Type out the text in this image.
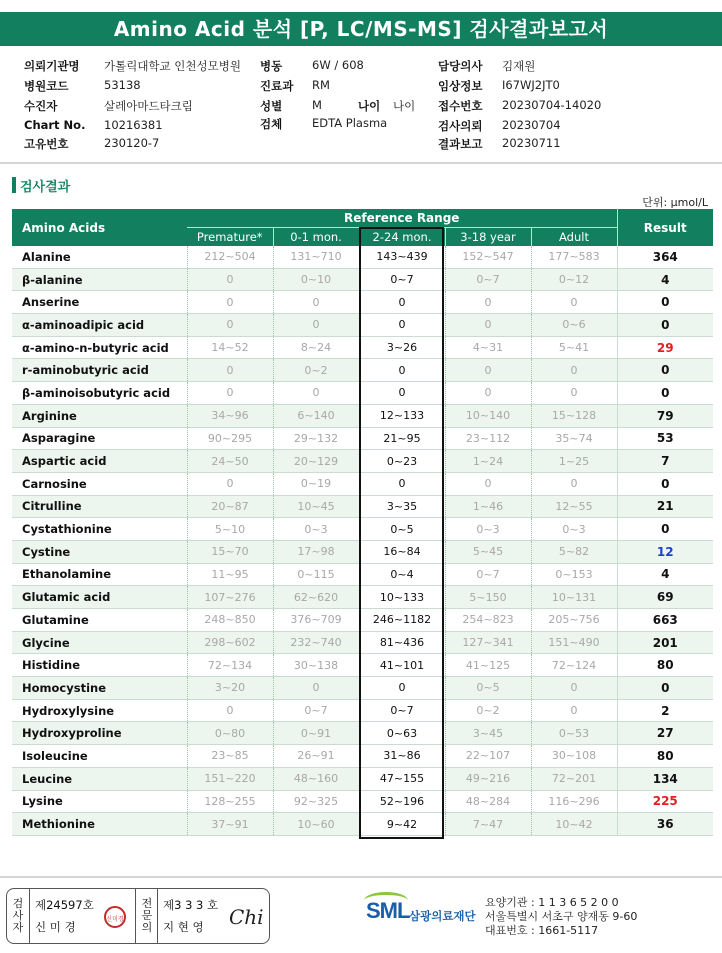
Amino Acid 분석 [P, LC/MS-MS] 검사결과보고서
의뢰기관명 가톨릭대학교 인천성모병원
병원코드	53138
수진자	살레아마드타크림
Chart No. 10216381
고유번호	230120-7
병동	6W / 608
진료과 RM
성별	M	나이 나이
검체	EDTA Plasma
담당의사 김재원
임상정보 I67WJ2JT0
접수번호 20230704-14020
검사의뢰 20230704
결과보고 20230711
검사결과
단위: μmol/L
Amino Acids	Reference Range					Result
	Premature*	0-1 mon.	2-24 mon.	3-18 year	Adult	
Alanine	212~504	131~710	143~439	152~547	177~583	364
β-alanine	0	0~10	0~7	0~7	0~12	4
Anserine	0	0	0	0	0	0
α-aminoadipic acid	0	0	0	0	0~6	0
α-amino-n-butyric acid	14~52	8~24	3~26	4~31	5~41	29
r-aminobutyric acid	0	0~2	0	0	0	0
β-aminoisobutyric acid	0	0	0	0	0	0
Arginine	34~96	6~140	12~133	10~140	15~128	79
Asparagine	90~295	29~132	21~95	23~112	35~74	53
Aspartic acid	24~50	20~129	0~23	1~24	1~25	7
Carnosine	0	0~19	0	0	0	0
Citrulline	20~87	10~45	3~35	1~46	12~55	21
Cystathionine	5~10	0~3	0~5	0~3	0~3	0
Cystine	15~70	17~98	16~84	5~45	5~82	12
Ethanolamine	11~95	0~115	0~4	0~7	0~153	4
Glutamic acid	107~276	62~620	10~133	5~150	10~131	69
Glutamine	248~850	376~709	246~1182	254~823	205~756	663
Glycine	298~602	232~740	81~436	127~341	151~490	201
Histidine	72~134	30~138	41~101	41~125	72~124	80
Homocystine	3~20	0	0	0~5	0	0
Hydroxylysine	0	0~7	0~7	0~2	0	2
Hydroxyproline	0~80	0~91	0~63	3~45	0~53	27
Isoleucine	23~85	26~91	31~86	22~107	30~108	80
Leucine	151~220	48~160	47~155	49~216	72~201	134
Lysine	128~255	92~325	52~196	48~284	116~296	225
Methionine	37~91	10~60	9~42	7~47	10~42	36
검사자
제24597호
신 미 경
신미경
전문의
제3 3 3 호
지 현 영 Chi	SML 삼광의료재단
요양기관 : 1 1 3 6 5 2 0 0
서울특별시 서초구 양재동 9-60
대표번호 : 1661-5117
